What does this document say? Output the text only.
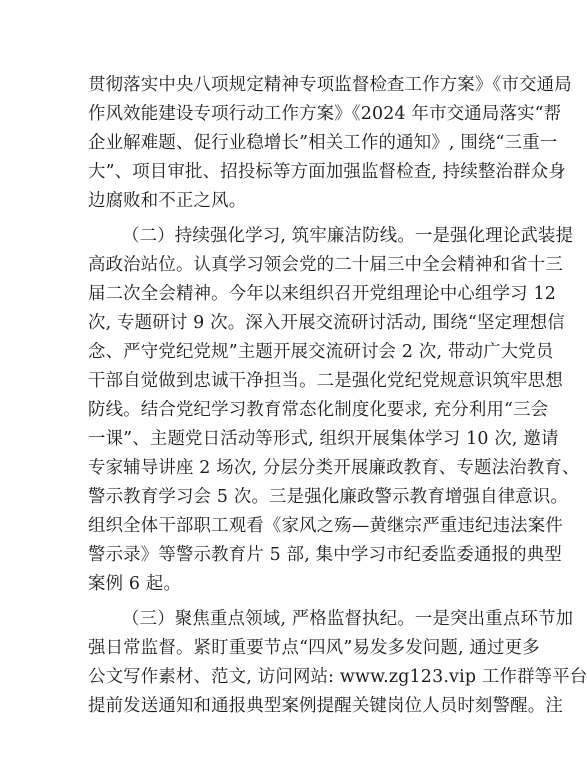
贯彻落实中央八项规定精神专项监督检查工作方案》《市交通局
作风效能建设专项行动工作方案》《2024 年市交通局落实“帮
企业解难题、促行业稳增长”相关工作的通知》, 围绕“三重一
大”、项目审批、招投标等方面加强监督检查, 持续整治群众身
边腐败和不正之风。
（二）持续强化学习, 筑牢廉洁防线。一是强化理论武装提
高政治站位。认真学习领会党的二十届三中全会精神和省十三
届二次全会精神。今年以来组织召开党组理论中心组学习 12
次, 专题研讨 9 次。深入开展交流研讨活动, 围绕“坚定理想信
念、严守党纪党规”主题开展交流研讨会 2 次, 带动广大党员
干部自觉做到忠诚干净担当。二是强化党纪党规意识筑牢思想
防线。结合党纪学习教育常态化制度化要求, 充分利用“三会
一课”、主题党日活动等形式, 组织开展集体学习 10 次, 邀请
专家辅导讲座 2 场次, 分层分类开展廉政教育、专题法治教育、
警示教育学习会 5 次。三是强化廉政警示教育增强自律意识。
组织全体干部职工观看《家风之殇—黄继宗严重违纪违法案件
警示录》等警示教育片 5 部, 集中学习市纪委监委通报的典型
案例 6 起。
（三）聚焦重点领域, 严格监督执纪。一是突出重点环节加
强日常监督。紧盯重要节点“四风”易发多发问题, 通过更多
公文写作素材、范文, 访问网站: www.zg123.vip 工作群等平台
提前发送通知和通报典型案例提醒关键岗位人员时刻警醒。注
